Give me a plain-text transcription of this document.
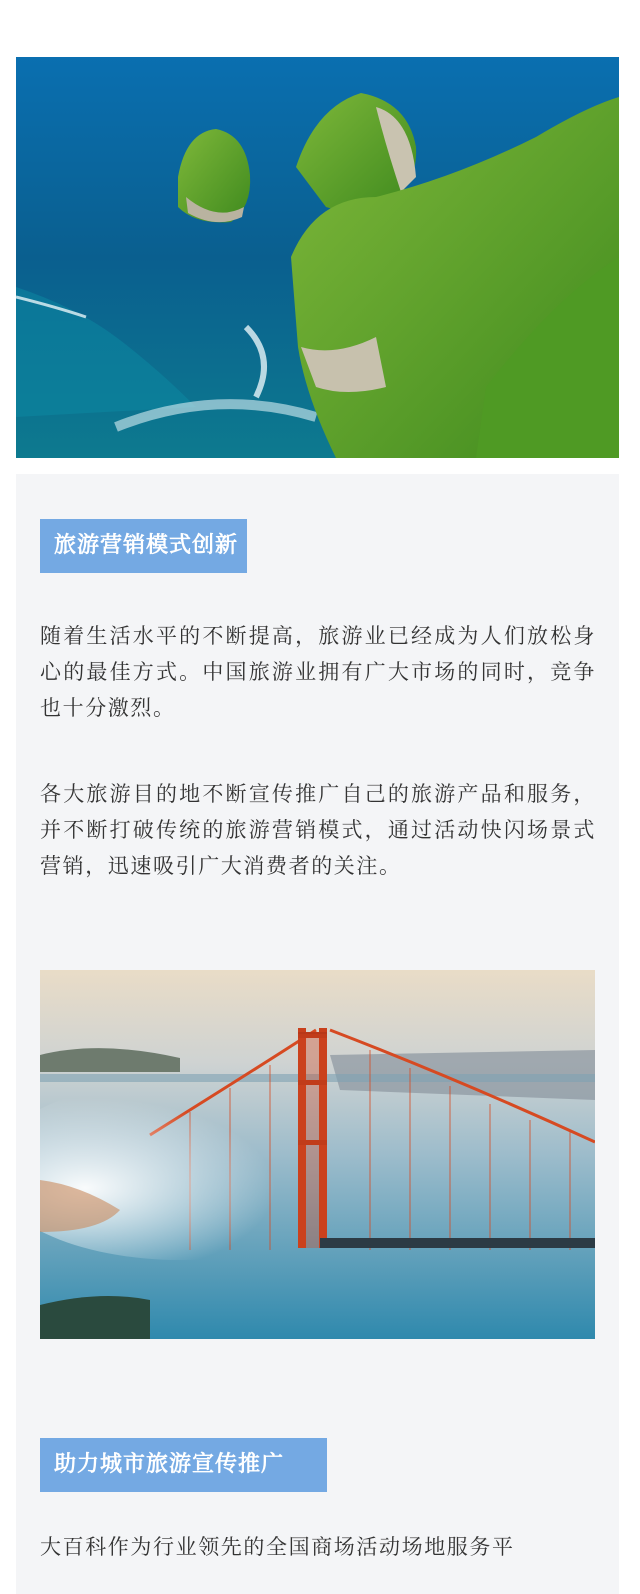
旅游营销模式创新

随着生活水平的不断提高，旅游业已经成为人们放松身心的最佳方式。中国旅游业拥有广大市场的同时，竞争也十分激烈。

各大旅游目的地不断宣传推广自己的旅游产品和服务，并不断打破传统的旅游营销模式，通过活动快闪场景式营销，迅速吸引广大消费者的关注。

助力城市旅游宣传推广

大百科作为行业领先的全国商场活动场地服务平
